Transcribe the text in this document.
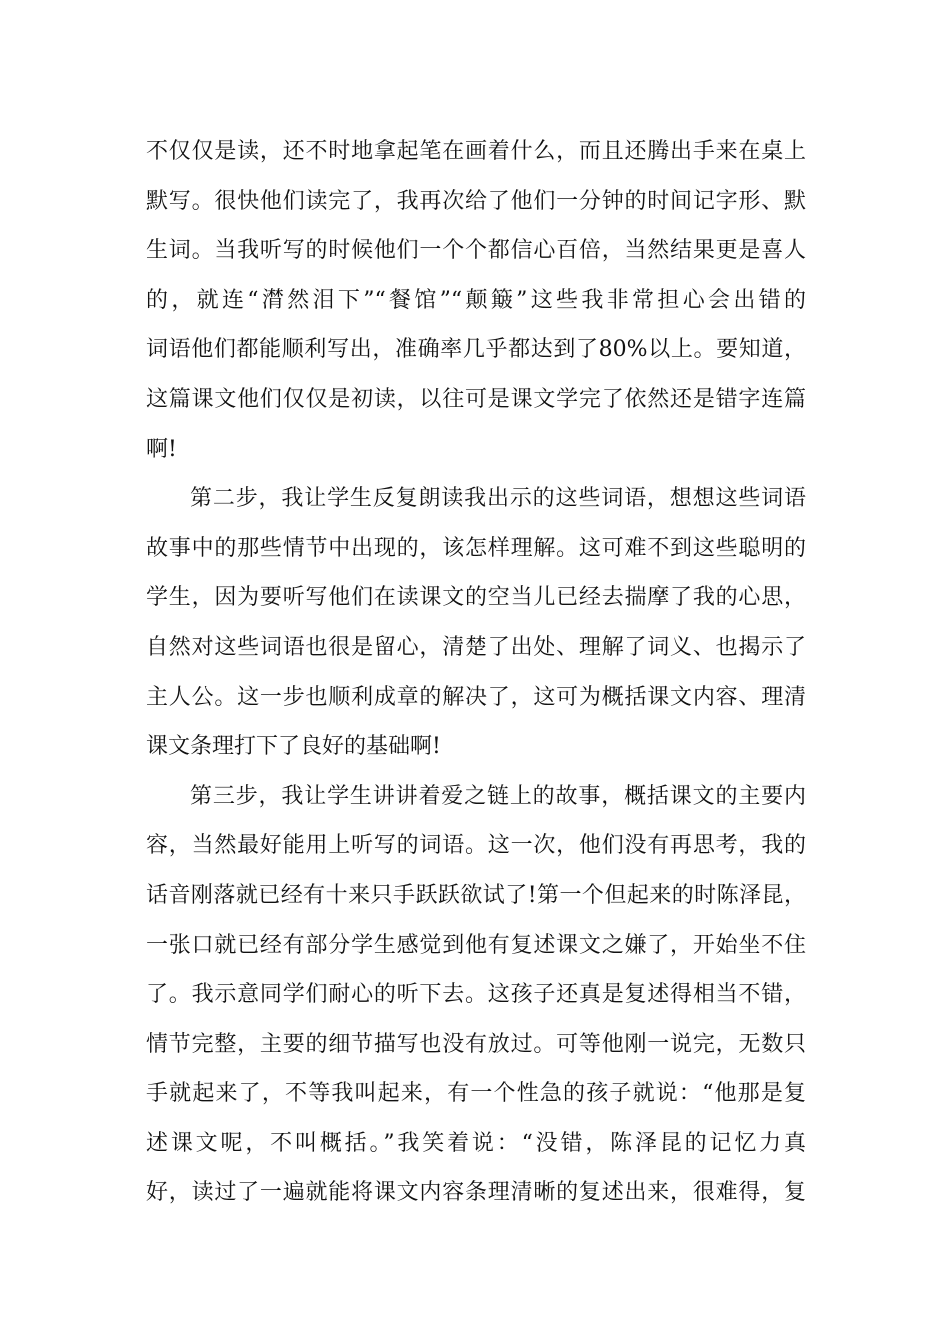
不仅仅是读，还不时地拿起笔在画着什么，而且还腾出手来在桌上
默写。很快他们读完了，我再次给了他们一分钟的时间记字形、默
生词。当我听写的时候他们一个个都信心百倍，当然结果更是喜人
的，就连“潸然泪下”“餐馆”“颠簸”这些我非常担心会出错的
词语他们都能顺利写出，准确率几乎都达到了80%以上。要知道，
这篇课文他们仅仅是初读，以往可是课文学完了依然还是错字连篇
啊!
第二步，我让学生反复朗读我出示的这些词语，想想这些词语
故事中的那些情节中出现的，该怎样理解。这可难不到这些聪明的
学生，因为要听写他们在读课文的空当儿已经去揣摩了我的心思，
自然对这些词语也很是留心，清楚了出处、理解了词义、也揭示了
主人公。这一步也顺利成章的解决了，这可为概括课文内容、理清
课文条理打下了良好的基础啊!
第三步，我让学生讲讲着爱之链上的故事，概括课文的主要内
容，当然最好能用上听写的词语。这一次，他们没有再思考，我的
话音刚落就已经有十来只手跃跃欲试了!第一个但起来的时陈泽昆，
一张口就已经有部分学生感觉到他有复述课文之嫌了，开始坐不住
了。我示意同学们耐心的听下去。这孩子还真是复述得相当不错，
情节完整，主要的细节描写也没有放过。可等他刚一说完，无数只
手就起来了，不等我叫起来，有一个性急的孩子就说：“他那是复
述课文呢，不叫概括。”我笑着说：“没错，陈泽昆的记忆力真
好，读过了一遍就能将课文内容条理清晰的复述出来，很难得，复
